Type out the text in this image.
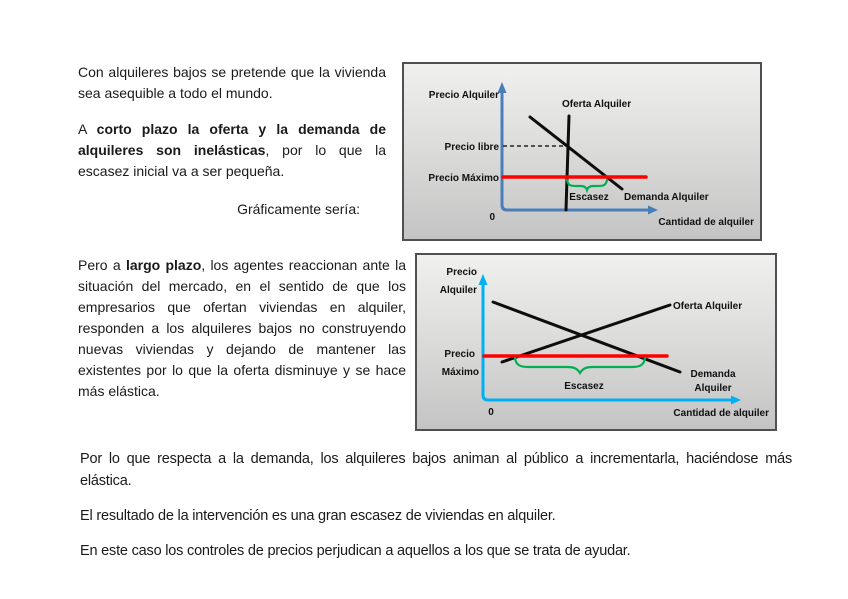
Con alquileres bajos se pretende que la vivienda sea asequible a todo el mundo.

A corto plazo la oferta y la demanda de alquileres son inelásticas, por lo que la escasez inicial va a ser pequeña.

Gráficamente sería:

Precio Alquiler
Oferta Alquiler
Precio libre
Precio Máximo
Escasez Demanda Alquiler
0	Cantidad de alquiler

Pero a largo plazo, los agentes reaccionan ante la situación del mercado, en el sentido de que los empresarios que ofertan viviendas en alquiler, responden a los alquileres bajos no construyendo nuevas viviendas y dejando de mantener las existentes por lo que la oferta disminuye y se hace más elástica.

Precio
Alquiler
Oferta Alquiler
Precio
Máximo	Demanda
Alquiler
Escasez
0	Cantidad de alquiler

Por lo que respecta a la demanda, los alquileres bajos animan al público a incrementarla, haciéndose más elástica.

El resultado de la intervención es una gran escasez de viviendas en alquiler.

En este caso los controles de precios perjudican a aquellos a los que se trata de ayudar.
